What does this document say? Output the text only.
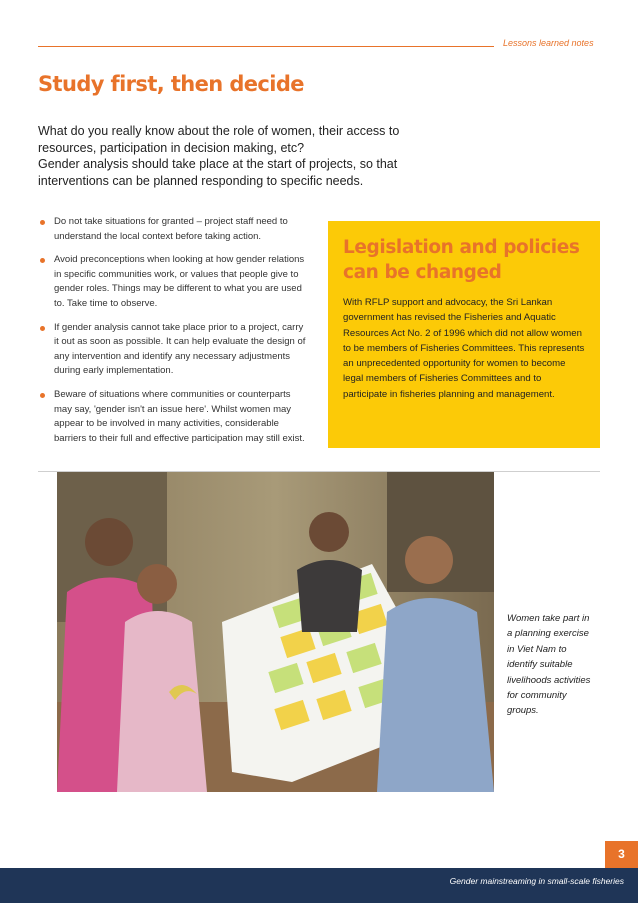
Lessons learned notes
Study first, then decide

What do you really know about the role of women, their access to resources, participation in decision making, etc?

Gender analysis should take place at the start of projects, so that interventions can be planned responding to specific needs.

Do not take situations for granted – project staff need to understand the local context before taking action.
Avoid preconceptions when looking at how gender relations in specific communities work, or values that people give to gender roles. Things may be different to what you are used to. Take time to observe.
If gender analysis cannot take place prior to a project, carry it out as soon as possible. It can help evaluate the design of any intervention and identify any necessary adjustments during early implementation.
Beware of situations where communities or counterparts may say, 'gender isn't an issue here'. Whilst women may appear to be involved in many activities, considerable barriers to their full and effective participation may still exist.
Legislation and policies can be changed
With RFLP support and advocacy, the Sri Lankan government has revised the Fisheries and Aquatic Resources Act No. 2 of 1996 which did not allow women to be members of Fisheries Committees. This represents an unprecedented opportunity for women to become legal members of Fisheries Committees and to participate in fisheries planning and management.
Women take part in a planning exercise in Viet Nam to identify suitable livelihoods activities for community groups.
3
Gender mainstreaming in small-scale fisheries
